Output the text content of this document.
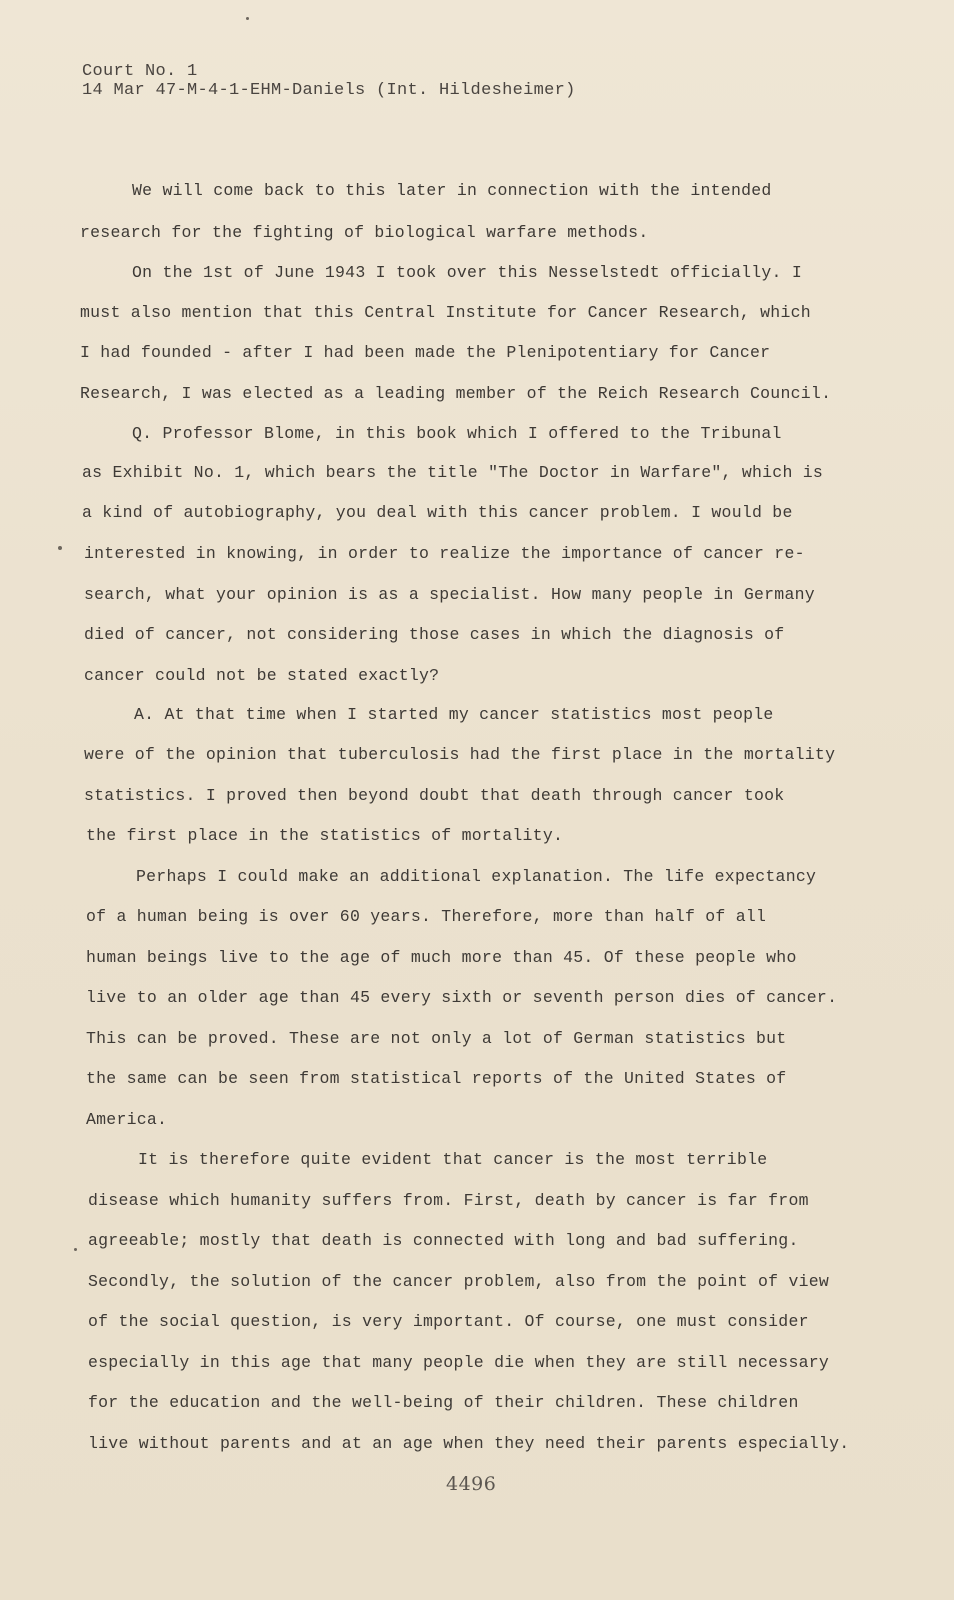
Court No. 1
14 Mar 47-M-4-1-EHM-Daniels (Int. Hildesheimer)
We will come back to this later in connection with the intended
research for the fighting of biological warfare methods.
On the 1st of June 1943 I took over this Nesselstedt officially. I
must also mention that this Central Institute for Cancer Research, which
I had founded - after I had been made the Plenipotentiary for Cancer
Research, I was elected as a leading member of the Reich Research Council.
Q. Professor Blome, in this book which I offered to the Tribunal
as Exhibit No. 1, which bears the title "The Doctor in Warfare", which is
a kind of autobiography, you deal with this cancer problem. I would be
interested in knowing, in order to realize the importance of cancer re-
search, what your opinion is as a specialist. How many people in Germany
died of cancer, not considering those cases in which the diagnosis of
cancer could not be stated exactly?
A. At that time when I started my cancer statistics most people
were of the opinion that tuberculosis had the first place in the mortality
statistics. I proved then beyond doubt that death through cancer took
the first place in the statistics of mortality.
Perhaps I could make an additional explanation. The life expectancy
of a human being is over 60 years. Therefore, more than half of all
human beings live to the age of much more than 45. Of these people who
live to an older age than 45 every sixth or seventh person dies of cancer.
This can be proved. These are not only a lot of German statistics but
the same can be seen from statistical reports of the United States of
America.
It is therefore quite evident that cancer is the most terrible
disease which humanity suffers from. First, death by cancer is far from
agreeable; mostly that death is connected with long and bad suffering.
Secondly, the solution of the cancer problem, also from the point of view
of the social question, is very important. Of course, one must consider
especially in this age that many people die when they are still necessary
for the education and the well-being of their children. These children
live without parents and at an age when they need their parents especially.
4496
